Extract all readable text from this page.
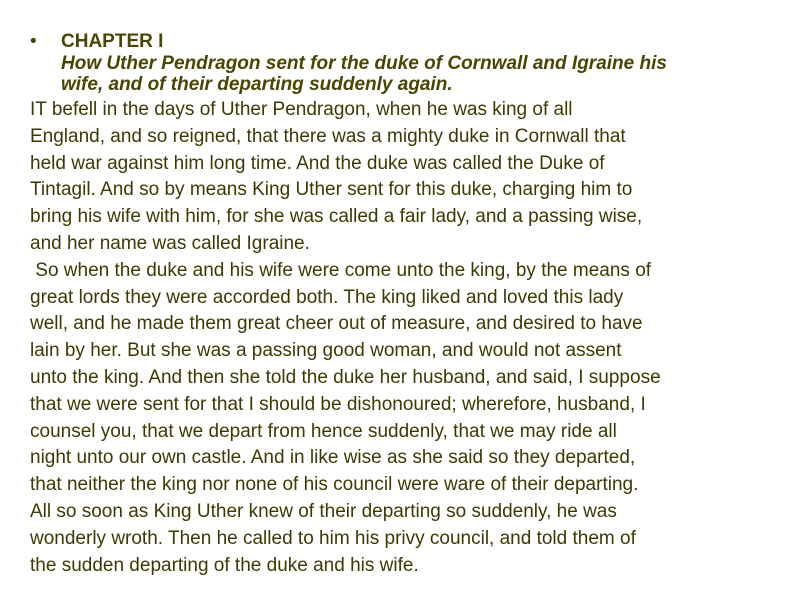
• CHAPTER I
How Uther Pendragon sent for the duke of Cornwall and Igraine his
wife, and of their departing suddenly again.

IT befell in the days of Uther Pendragon, when he was king of all
England, and so reigned, that there was a mighty duke in Cornwall that
held war against him long time. And the duke was called the Duke of
Tintagil. And so by means King Uther sent for this duke, charging him to
bring his wife with him, for she was called a fair lady, and a passing wise,
and her name was called Igraine.

So when the duke and his wife were come unto the king, by the means of
great lords they were accorded both. The king liked and loved this lady
well, and he made them great cheer out of measure, and desired to have
lain by her. But she was a passing good woman, and would not assent
unto the king. And then she told the duke her husband, and said, I suppose
that we were sent for that I should be dishonoured; wherefore, husband, I
counsel you, that we depart from hence suddenly, that we may ride all
night unto our own castle. And in like wise as she said so they departed,
that neither the king nor none of his council were ware of their departing.
All so soon as King Uther knew of their departing so suddenly, he was
wonderly wroth. Then he called to him his privy council, and told them of
the sudden departing of the duke and his wife.
